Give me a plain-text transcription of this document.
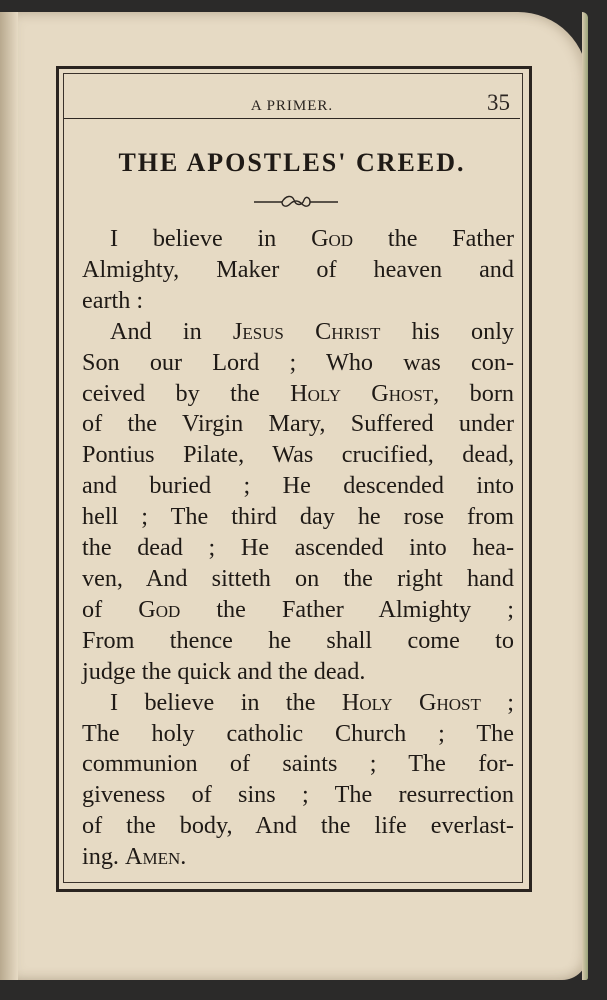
A PRIMER.	35
THE APOSTLES' CREED.
I believe in God the Father
Almighty, Maker of heaven and
earth :
And in Jesus Christ his only
Son our Lord ; Who was con-
ceived by the Holy Ghost, born
of the Virgin Mary, Suffered under
Pontius Pilate, Was crucified, dead,
and buried ; He descended into
hell ; The third day he rose from
the dead ; He ascended into hea-
ven, And sitteth on the right hand
of God the Father Almighty ;
From thence he shall come to
judge the quick and the dead.
I believe in the Holy Ghost ;
The holy catholic Church ; The
communion of saints ; The for-
giveness of sins ; The resurrection
of the body, And the life everlast-
ing. Amen.
